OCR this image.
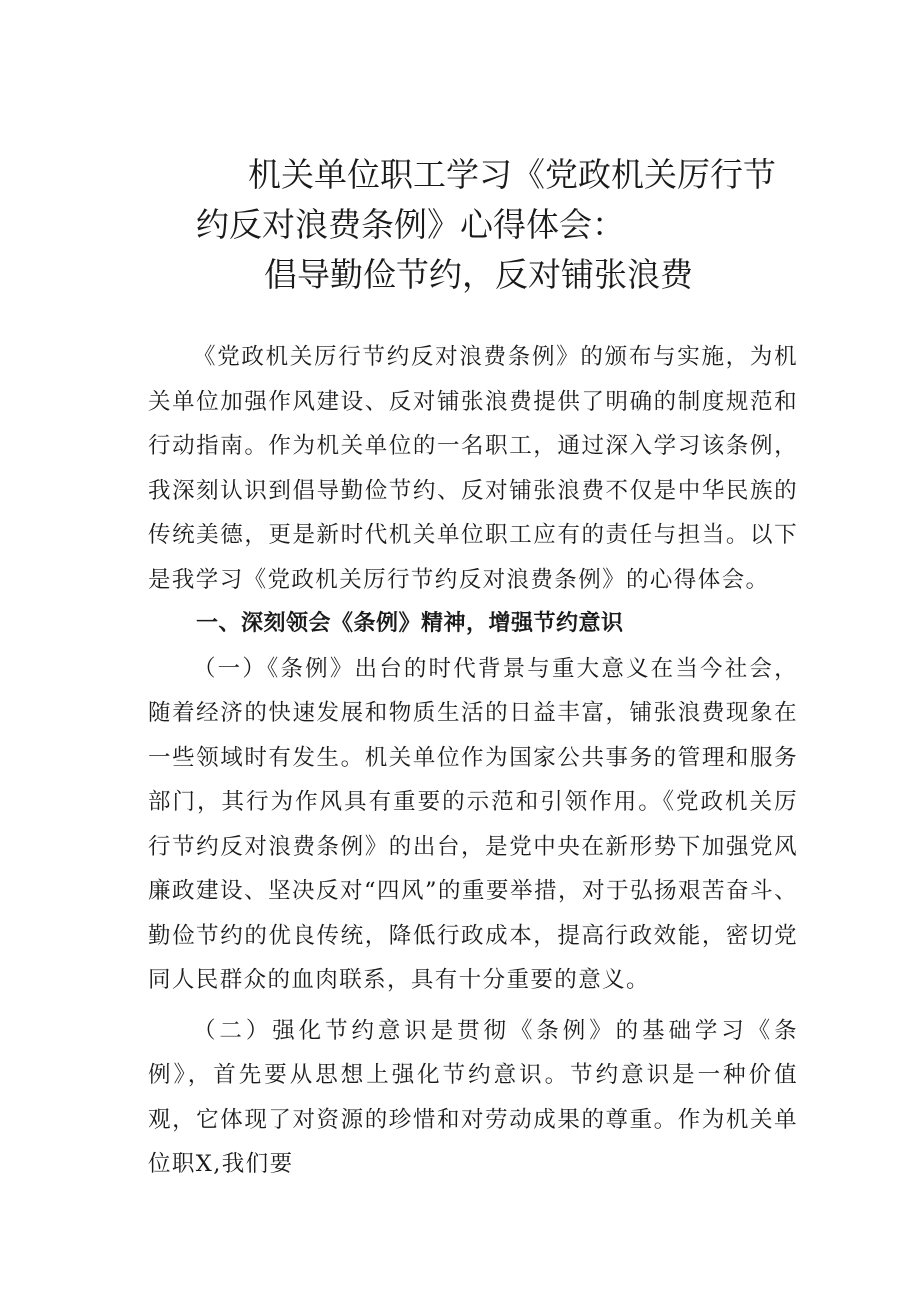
机关单位职工学习《党政机关厉行节
约反对浪费条例》心得体会：
倡导勤俭节约，反对铺张浪费

《党政机关厉行节约反对浪费条例》的颁布与实施，为机关单位加强作风建设、反对铺张浪费提供了明确的制度规范和行动指南。作为机关单位的一名职工，通过深入学习该条例，我深刻认识到倡导勤俭节约、反对铺张浪费不仅是中华民族的传统美德，更是新时代机关单位职工应有的责任与担当。以下是我学习《党政机关厉行节约反对浪费条例》的心得体会。

一、深刻领会《条例》精神，增强节约意识

（一）《条例》出台的时代背景与重大意义在当今社会，随着经济的快速发展和物质生活的日益丰富，铺张浪费现象在一些领域时有发生。机关单位作为国家公共事务的管理和服务部门，其行为作风具有重要的示范和引领作用。《党政机关厉行节约反对浪费条例》的出台，是党中央在新形势下加强党风廉政建设、坚决反对“四风”的重要举措，对于弘扬艰苦奋斗、勤俭节约的优良传统，降低行政成本，提高行政效能，密切党同人民群众的血肉联系，具有十分重要的意义。

（二）强化节约意识是贯彻《条例》的基础学习《条例》，首先要从思想上强化节约意识。节约意识是一种价值观，它体现了对资源的珍惜和对劳动成果的尊重。作为机关单位职X,我们要
